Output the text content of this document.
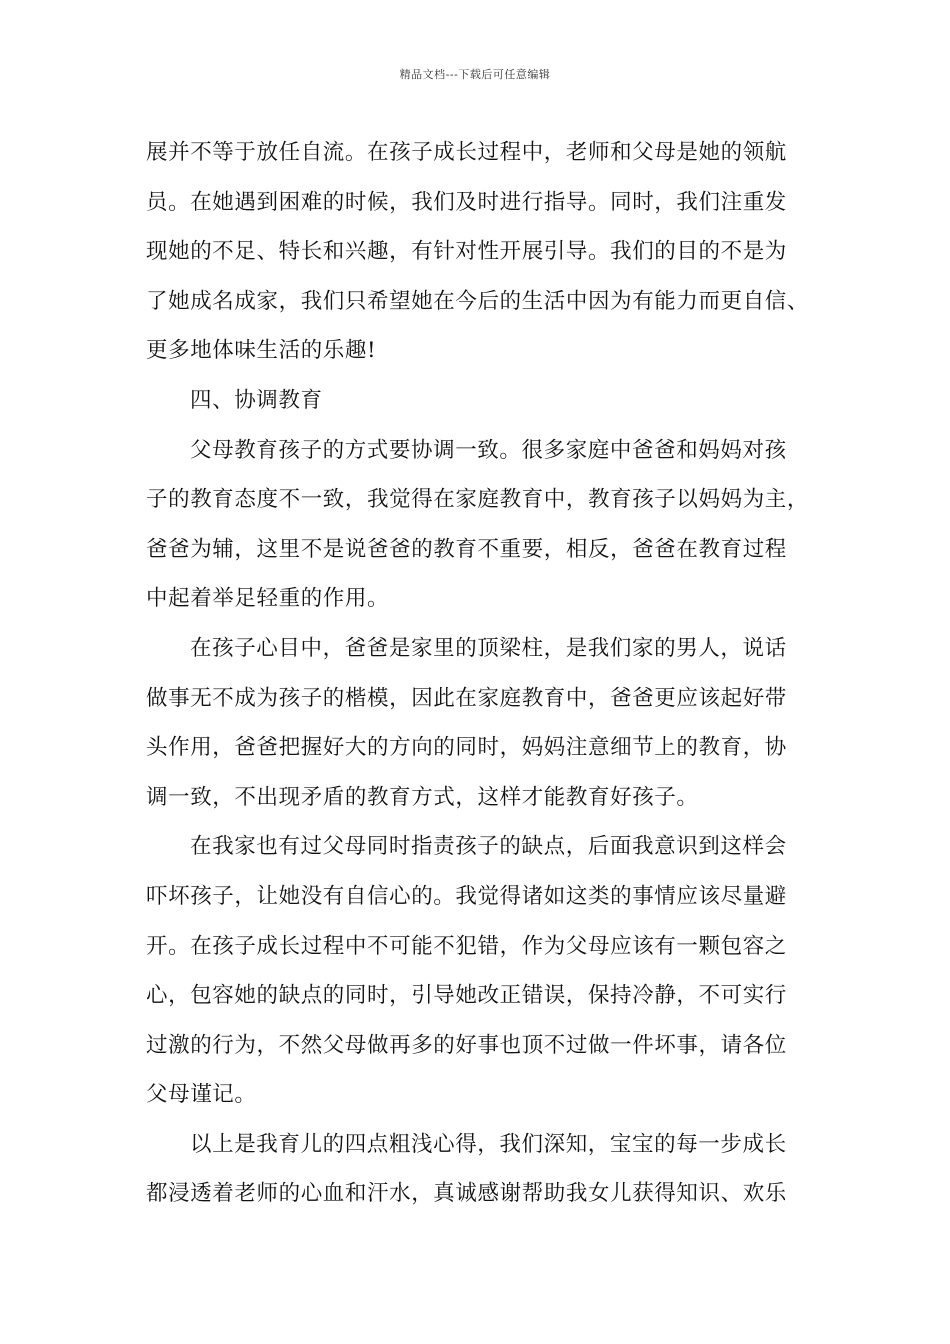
精品文档---下载后可任意编辑
展并不等于放任自流。在孩子成长过程中，老师和父母是她的领航
员。在她遇到困难的时候，我们及时进行指导。同时，我们注重发
现她的不足、特长和兴趣，有针对性开展引导。我们的目的不是为
了她成名成家，我们只希望她在今后的生活中因为有能力而更自信、
更多地体味生活的乐趣!
四、协调教育
父母教育孩子的方式要协调一致。很多家庭中爸爸和妈妈对孩
子的教育态度不一致，我觉得在家庭教育中，教育孩子以妈妈为主，
爸爸为辅，这里不是说爸爸的教育不重要，相反，爸爸在教育过程
中起着举足轻重的作用。
在孩子心目中，爸爸是家里的顶梁柱，是我们家的男人，说话
做事无不成为孩子的楷模，因此在家庭教育中，爸爸更应该起好带
头作用，爸爸把握好大的方向的同时，妈妈注意细节上的教育，协
调一致，不出现矛盾的教育方式，这样才能教育好孩子。
在我家也有过父母同时指责孩子的缺点，后面我意识到这样会
吓坏孩子，让她没有自信心的。我觉得诸如这类的事情应该尽量避
开。在孩子成长过程中不可能不犯错，作为父母应该有一颗包容之
心，包容她的缺点的同时，引导她改正错误，保持冷静，不可实行
过激的行为，不然父母做再多的好事也顶不过做一件坏事，请各位
父母谨记。
以上是我育儿的四点粗浅心得，我们深知，宝宝的每一步成长
都浸透着老师的心血和汗水，真诚感谢帮助我女儿获得知识、欢乐
